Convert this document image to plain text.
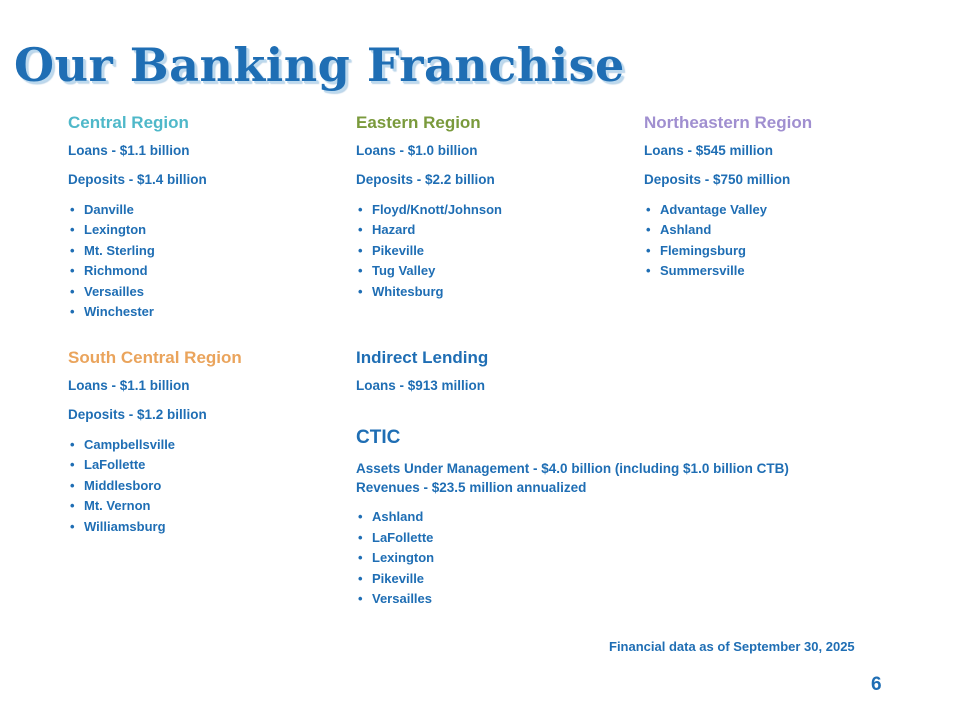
Our Banking Franchise
Central Region
Loans - $1.1 billion
Deposits - $1.4 billion
• Danville
• Lexington
• Mt. Sterling
• Richmond
• Versailles
• Winchester
Eastern Region
Loans - $1.0 billion
Deposits - $2.2 billion
• Floyd/Knott/Johnson
• Hazard
• Pikeville
• Tug Valley
• Whitesburg
Northeastern Region
Loans - $545 million
Deposits - $750 million
• Advantage Valley
• Ashland
• Flemingsburg
• Summersville
South Central Region
Loans - $1.1 billion
Deposits - $1.2 billion
• Campbellsville
• LaFollette
• Middlesboro
• Mt. Vernon
• Williamsburg
Indirect Lending
Loans - $913 million
CTIC
Assets Under Management - $4.0 billion (including $1.0 billion CTB)
Revenues - $23.5 million annualized
• Ashland
• LaFollette
• Lexington
• Pikeville
• Versailles
Financial data as of September 30, 2025
6
